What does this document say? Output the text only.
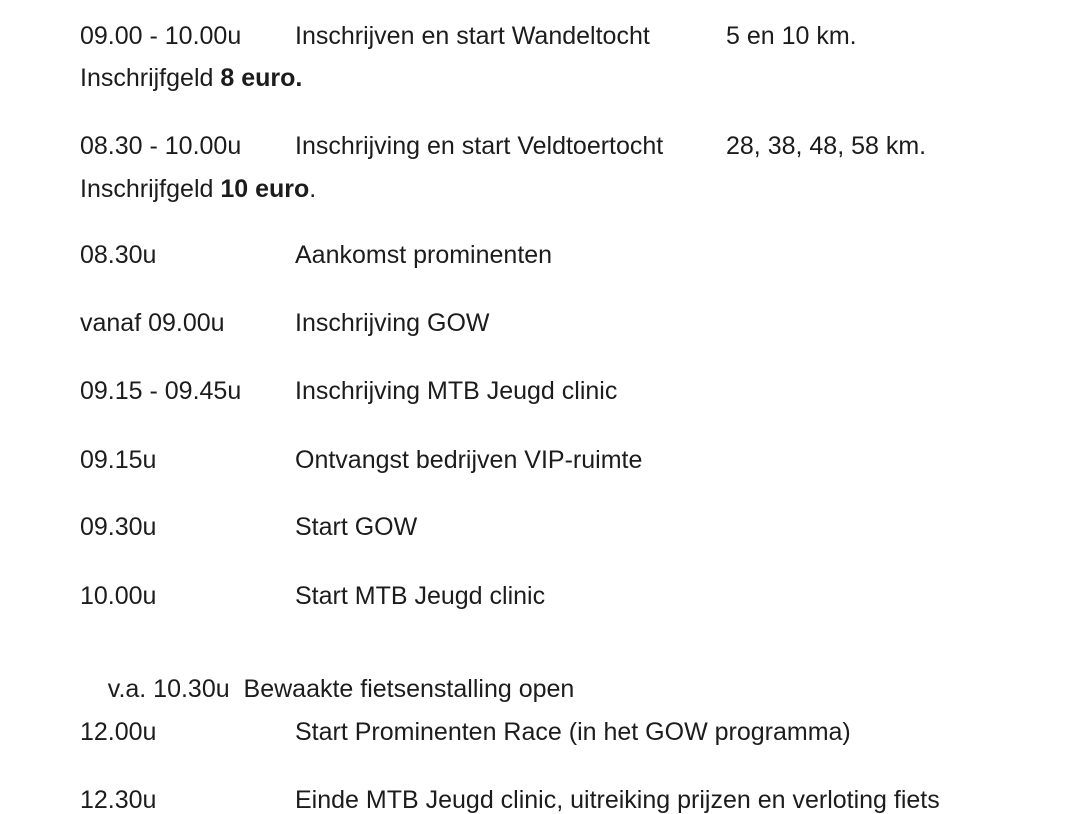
09.00 - 10.00u Inschrijven en start Wandeltocht	5 en 10 km.
Inschrijfgeld 8 euro.
08.30 - 10.00u Inschrijving en start Veldtoertocht	28, 38, 48, 58 km.
Inschrijfgeld 10 euro.
08.30u	Aankomst prominenten
vanaf 09.00u	Inschrijving GOW
09.15 - 09.45u Inschrijving MTB Jeugd clinic
09.15u	Ontvangst bedrijven VIP-ruimte
09.30u	Start GOW
10.00u	Start MTB Jeugd clinic

v.a. 10.30u  Bewaakte fietsenstalling open

12.00u	Start Prominenten Race (in het GOW programma)
12.30u	Einde MTB Jeugd clinic, uitreiking prijzen en verloting fiets
